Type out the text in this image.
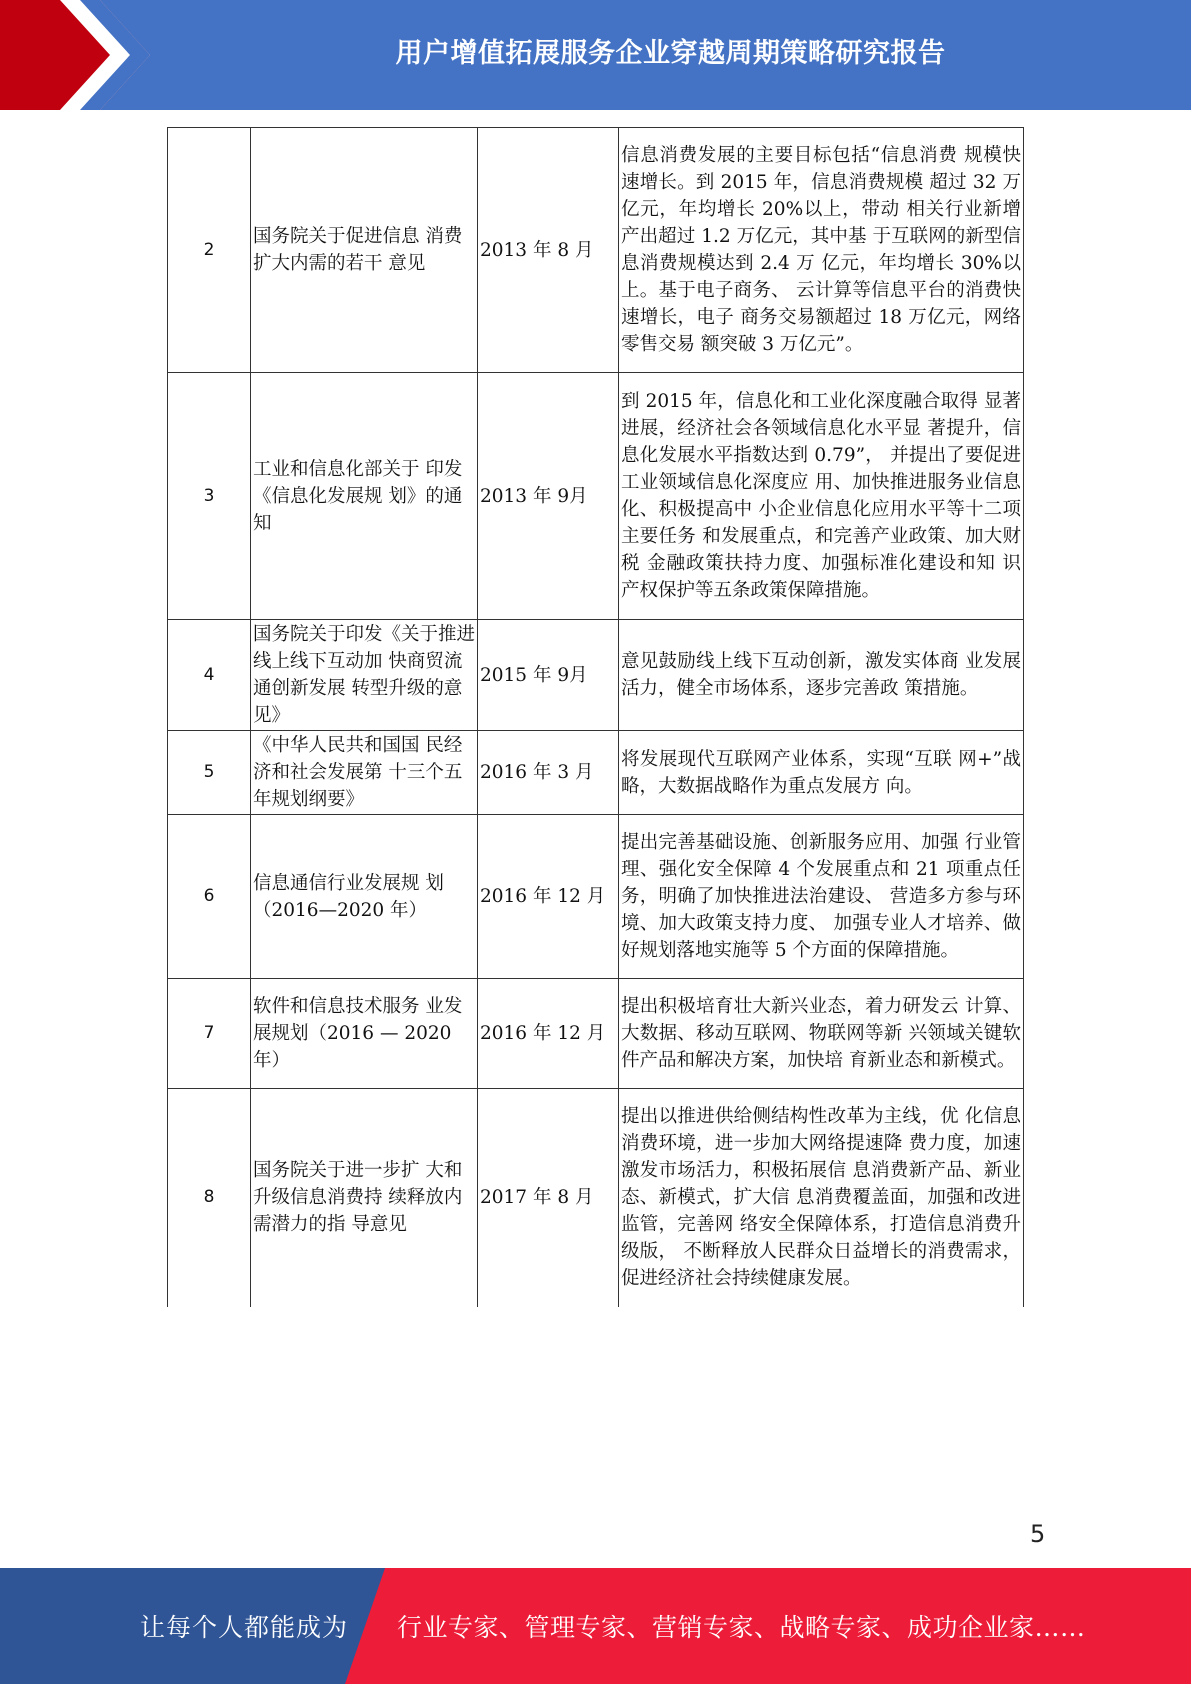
用户增值拓展服务企业穿越周期策略研究报告
2	国务院关于促进信息 消费扩大内需的若干 意见	2013 年 8 月	信息消费发展的主要目标包括“信息消费 规模快速增长。到 2015 年，信息消费规模 超过 32 万亿元，年均增长 20%以上，带动 相关行业新增产出超过 1.2 万亿元，其中基 于互联网的新型信息消费规模达到 2.4 万 亿元，年均增长 30%以上。基于电子商务、 云计算等信息平台的消费快速增长，电子 商务交易额超过 18 万亿元，网络零售交易 额突破 3 万亿元”。
3	工业和信息化部关于 印发《信息化发展规 划》的通知	2013 年 9月	到 2015 年，信息化和工业化深度融合取得 显著进展，经济社会各领域信息化水平显 著提升，信息化发展水平指数达到 0.79”， 并提出了要促进工业领域信息化深度应 用、加快推进服务业信息化、积极提高中 小企业信息化应用水平等十二项主要任务 和发展重点，和完善产业政策、加大财税 金融政策扶持力度、加强标准化建设和知 识产权保护等五条政策保障措施。
4	国务院关于印发《关于推进线上线下互动加 快商贸流通创新发展 转型升级的意见》	2015 年 9月	意见鼓励线上线下互动创新，激发实体商 业发展活力，健全市场体系，逐步完善政 策措施。
5	《中华人民共和国国 民经济和社会发展第 十三个五年规划纲要》	2016 年 3 月	将发展现代互联网产业体系，实现“互联 网+”战略，大数据战略作为重点发展方 向。
6	信息通信行业发展规 划（2016—2020 年）	2016 年 12 月	提出完善基础设施、创新服务应用、加强 行业管理、强化安全保障 4 个发展重点和 21 项重点任务，明确了加快推进法治建设、 营造多方参与环境、加大政策支持力度、 加强专业人才培养、做好规划落地实施等 5 个方面的保障措施。
7	软件和信息技术服务 业发展规划（2016 — 2020 年）	2016 年 12 月	提出积极培育壮大新兴业态，着力研发云 计算、大数据、移动互联网、物联网等新 兴领域关键软件产品和解决方案，加快培 育新业态和新模式。
8	国务院关于进一步扩 大和升级信息消费持 续释放内需潜力的指 导意见	2017 年 8 月	提出以推进供给侧结构性改革为主线，优 化信息消费环境，进一步加大网络提速降 费力度，加速激发市场活力，积极拓展信 息消费新产品、新业态、新模式，扩大信 息消费覆盖面，加强和改进监管，完善网 络安全保障体系，打造信息消费升级版， 不断释放人民群众日益增长的消费需求， 促进经济社会持续健康发展。
5
让每个人都能成为	行业专家、管理专家、营销专家、战略专家、成功企业家……
